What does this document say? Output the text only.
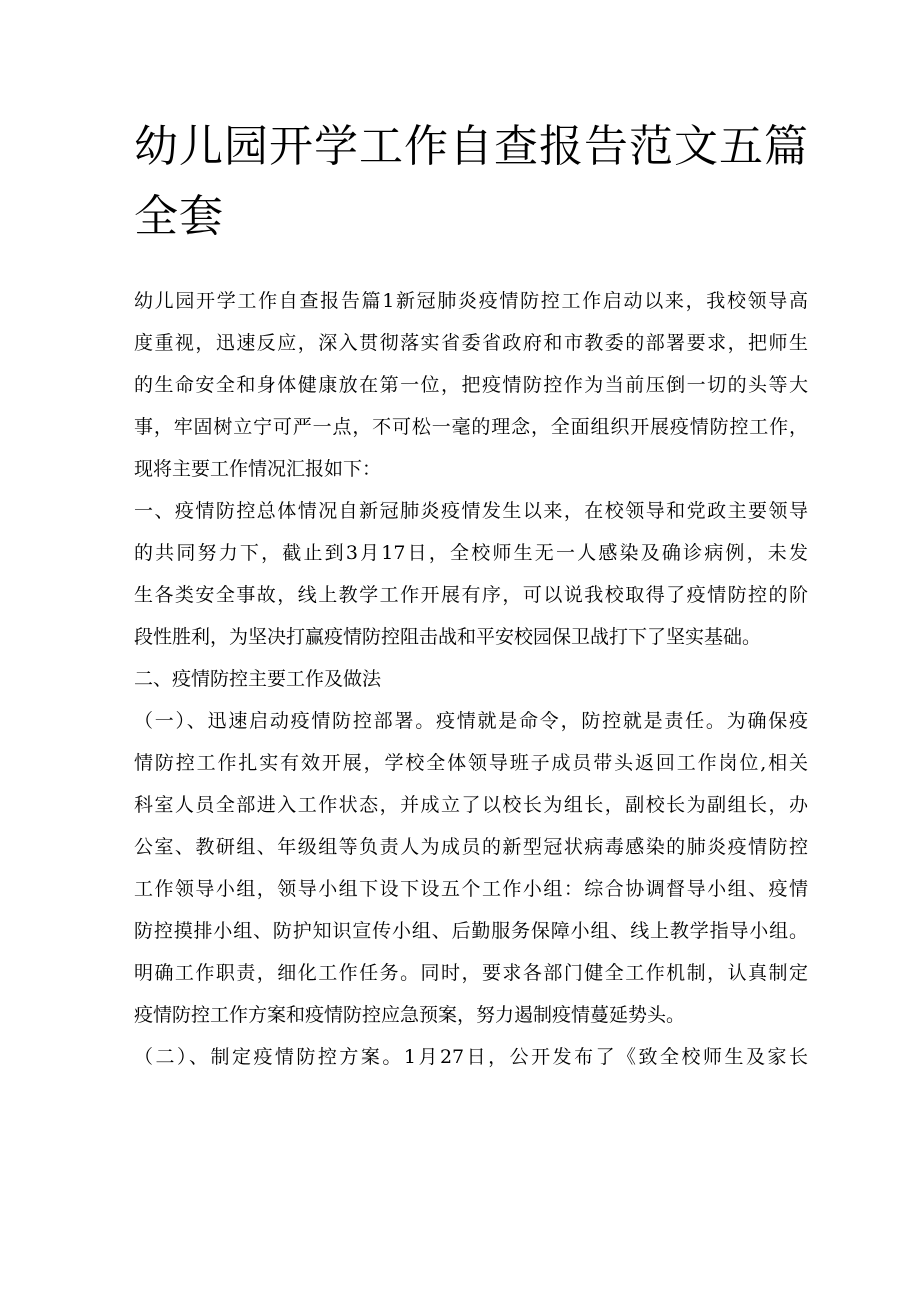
幼儿园开学工作自查报告范文五篇
全套

幼儿园开学工作自查报告篇1新冠肺炎疫情防控工作启动以来，我校领导高
度重视，迅速反应，深入贯彻落实省委省政府和市教委的部署要求，把师生
的生命安全和身体健康放在第一位，把疫情防控作为当前压倒一切的头等大
事，牢固树立宁可严一点，不可松一毫的理念，全面组织开展疫情防控工作，
现将主要工作情况汇报如下：

一、疫情防控总体情况自新冠肺炎疫情发生以来，在校领导和党政主要领导
的共同努力下，截止到3月17日，全校师生无一人感染及确诊病例，未发
生各类安全事故，线上教学工作开展有序，可以说我校取得了疫情防控的阶
段性胜利，为坚决打赢疫情防控阻击战和平安校园保卫战打下了坚实基础。

二、疫情防控主要工作及做法

（一）、迅速启动疫情防控部署。疫情就是命令，防控就是责任。为确保疫
情防控工作扎实有效开展，学校全体领导班子成员带头返回工作岗位,相关
科室人员全部进入工作状态，并成立了以校长为组长，副校长为副组长，办
公室、教研组、年级组等负责人为成员的新型冠状病毒感染的肺炎疫情防控
工作领导小组，领导小组下设下设五个工作小组：综合协调督导小组、疫情
防控摸排小组、防护知识宣传小组、后勤服务保障小组、线上教学指导小组。
明确工作职责，细化工作任务。同时，要求各部门健全工作机制，认真制定
疫情防控工作方案和疫情防控应急预案，努力遏制疫情蔓延势头。

（二）、制定疫情防控方案。1月27日，公开发布了《致全校师生及家长
